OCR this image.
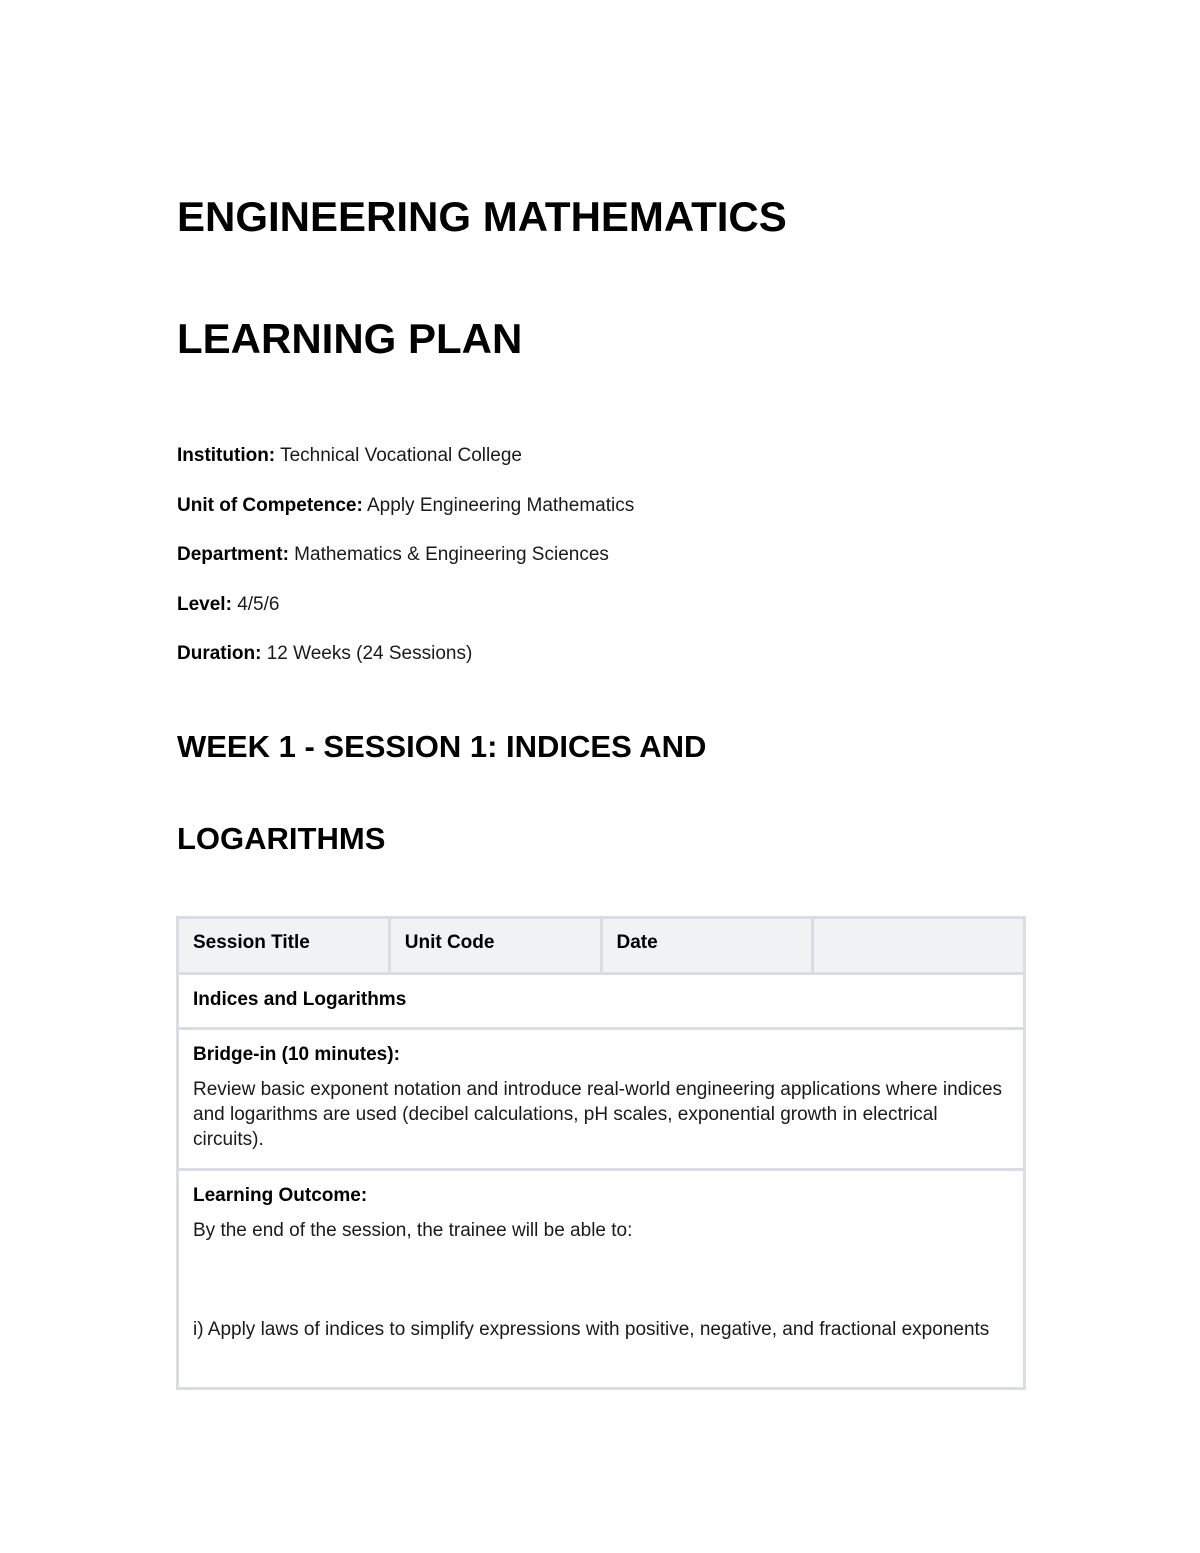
ENGINEERING MATHEMATICS
LEARNING PLAN

Institution: Technical Vocational College

Unit of Competence: Apply Engineering Mathematics

Department: Mathematics & Engineering Sciences

Level: 4/5/6

Duration: 12 Weeks (24 Sessions)

WEEK 1 - SESSION 1: INDICES AND
LOGARITHMS
Session Title	Unit Code	Date	

Indices and Logarithms

Bridge-in (10 minutes):
Review basic exponent notation and introduce real-world engineering applications where indices and logarithms are used (decibel calculations, pH scales, exponential growth in electrical circuits).

Learning Outcome:
By the end of the session, the trainee will be able to:
i) Apply laws of indices to simplify expressions with positive, negative, and fractional exponents
